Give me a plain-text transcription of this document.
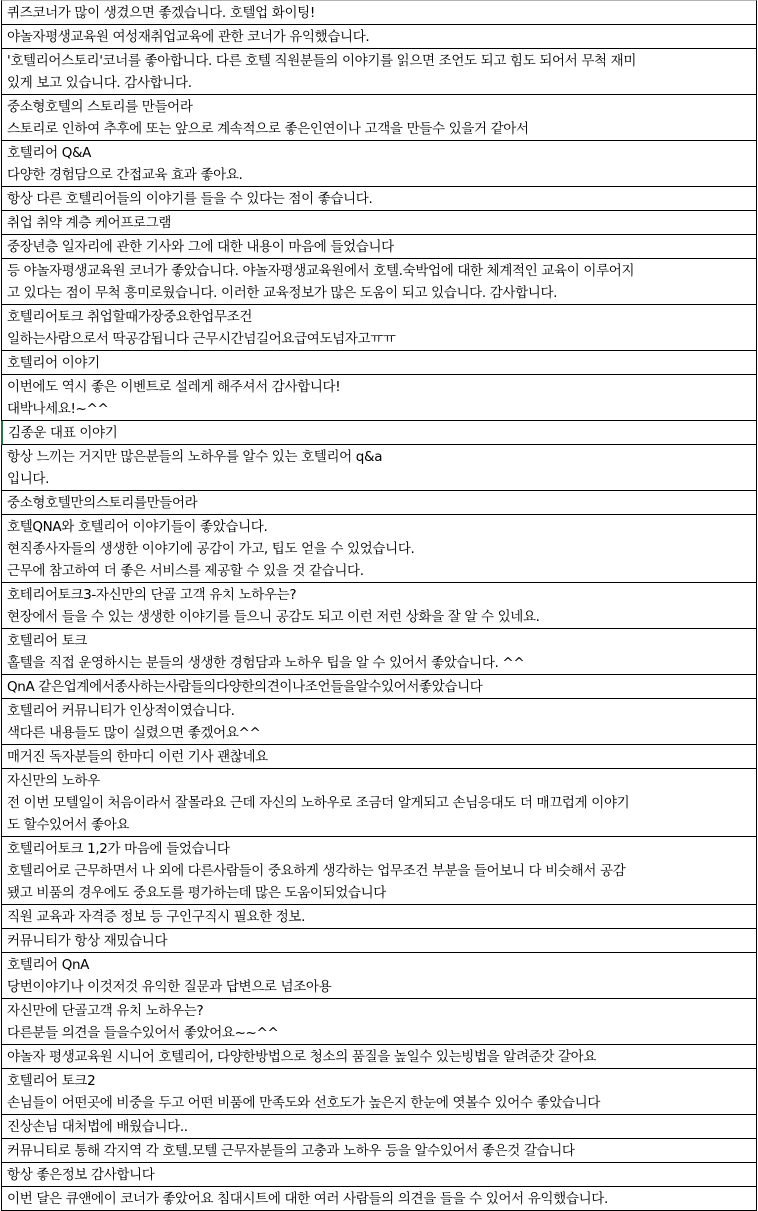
퀴즈코너가 많이 생겼으면 좋겠습니다. 호텔업 화이팅!
야놀자평생교육원 여성재취업교육에 관한 코너가 유익했습니다.
'호텔리어스토리'코너를 좋아합니다. 다른 호텔 직원분들의 이야기를 읽으면 조언도 되고 힘도 되어서 무척 재미
있게 보고 있습니다. 감사합니다.
중소형호텔의 스토리를 만들어라
스토리로 인하여 추후에 또는 앞으로 계속적으로 좋은인연이나 고객을 만들수 있을거 같아서
호텔리어 Q&A
다양한 경험담으로 간접교육 효과 좋아요.
항상 다른 호텔리어들의 이야기를 들을 수 있다는 점이 좋습니다.
취업 취약 계층 케어프로그램
중장년층 일자리에 관한 기사와 그에 대한 내용이 마음에 들었습니다
등 야놀자평생교육원 코너가 좋았습니다. 야놀자평생교육원에서 호텔.숙박업에 대한 체계적인 교육이 이루어지
고 있다는 점이 무척 흥미로웠습니다. 이러한 교육정보가 많은 도움이 되고 있습니다. 감사합니다.
호텔리어토크 취업할때가장중요한업무조건
일하는사람으로서 딱공감됩니다 근무시간넘길어요급여도넘자고ㅠㅠ
호텔리어 이야기
이번에도 역시 좋은 이벤트로 설레게 해주셔서 감사합니다!
대박나세요!~^^
김종운 대표 이야기
항상 느끼는 거지만 많은분들의 노하우를 알수 있는 호텔리어 q&a
입니다.
중소형호텔만의스토리를만들어라
호텔QNA와 호텔리어 이야기들이 좋았습니다.
현직종사자들의 생생한 이야기에 공감이 가고, 팁도 얻을 수 있었습니다.
근무에 참고하여 더 좋은 서비스를 제공할 수 있을 것 같습니다.
호테리어토크3-자신만의 단골 고객 유치 노하우는?
현장에서 들을 수 있는 생생한 이야기를 들으니 공감도 되고 이런 저런 상화을 잘 알 수 있네요.
호텔리어 토크
홀텔을 직접 운영하시는 분들의 생생한 경험담과 노하우 팁을 알 수 있어서 좋았습니다. ^^
QnA 같은업계에서종사하는사람들의다양한의견이나조언들을알수있어서좋았습니다
호텔리어 커뮤니티가 인상적이였습니다.
색다른 내용들도 많이 실렸으면 좋겠어요^^
매거진 독자분들의 한마디 이런 기사 괜찮네요
자신만의 노하우
전 이번 모텔일이 처음이라서 잘몰라요 근데 자신의 노하우로 조금더 알게되고 손님응대도 더 매끄럽게 이야기
도 할수있어서 좋아요
호텔리어토크 1,2가 마음에 들었습니다
호텔리어로 근무하면서 나 외에 다른사람들이 중요하게 생각하는 업무조건 부분을 들어보니 다 비슷해서 공감
됐고 비품의 경우에도 중요도를 평가하는데 많은 도움이되었습니다
직원 교육과 자격증 정보 등 구인구직시 필요한 정보.
커뮤니티가 항상 재밌습니다
호텔리어 QnA
당번이야기나 이것저것 유익한 질문과 답변으로 넘조아용
자신만에 단골고객 유치 노하우는?
다른분들 의견을 들을수있어서 좋았어요~~^^
야놀자 평생교육원 시니어 호텔리어, 다양한방법으로 청소의 품질을 높일수 있는빙법을 알려준갓 갈아요
호텔리어 토크2
손님들이 어떤곳에 비중을 두고 어떤 비품에 만족도와 선호도가 높은지 한눈에 엿볼수 있어수 좋았습니다
진상손님 대처법에 배웠습니다..
커뮤니티로 통해 각지역 각 호텔.모텔 근무자분들의 고충과 노하우 등을 알수있어서 좋은것 갈습니다
항상 좋은정보 감사합니다
이번 달은 큐앤에이 코너가 좋았어요 침대시트에 대한 여러 사람들의 의견을 들을 수 있어서 유익했습니다.
